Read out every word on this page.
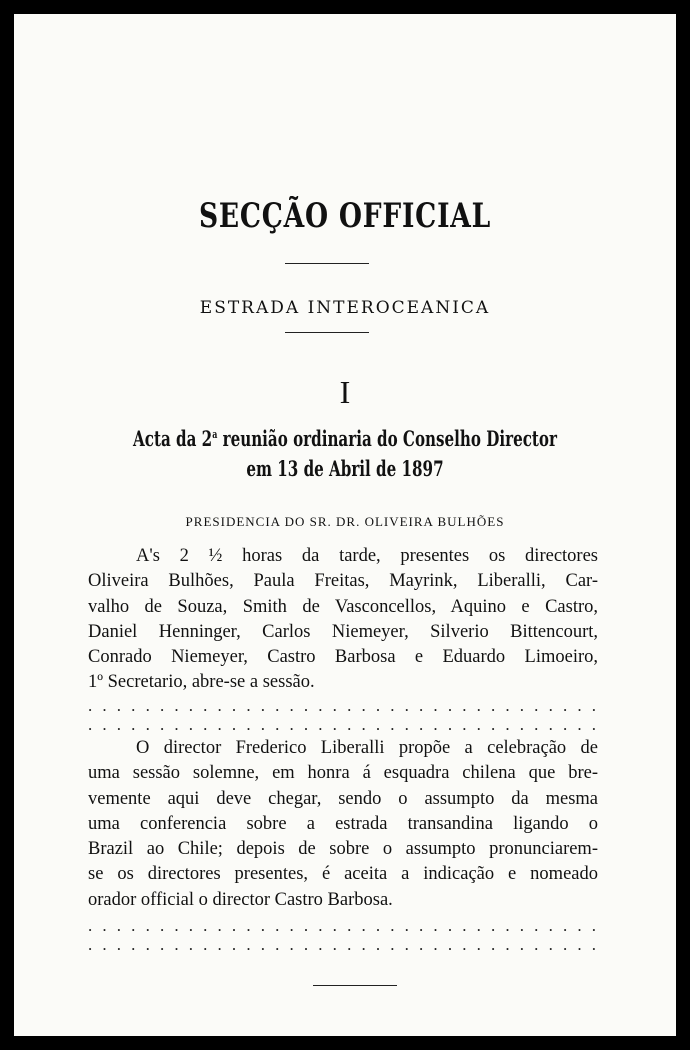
SECÇÃO OFFICIAL
ESTRADA INTEROCEANICA
I
Acta da 2$^a$ reunião ordinaria do Conselho Director
em 13 de Abril de 1897
PRESIDENCIA DO SR. DR. OLIVEIRA BULHÕES
A's 2 ½ horas da tarde, presentes os directores
Oliveira Bulhões, Paula Freitas, Mayrink, Liberalli, Car-
valho de Souza, Smith de Vasconcellos, Aquino e Castro,
Daniel Henninger, Carlos Niemeyer, Silverio Bittencourt,
Conrado Niemeyer, Castro Barbosa e Eduardo Limoeiro,
1º Secretario, abre-se a sessão.
. . . . . . . . . . . . . . . . . . . . . . . . . . . . . . . . . . . .
. . . . . . . . . . . . . . . . . . . . . . . . . . . . . . . . . . . .
O director Frederico Liberalli propõe a celebração de
uma sessão solemne, em honra á esquadra chilena que bre-
vemente aqui deve chegar, sendo o assumpto da mesma
uma conferencia sobre a estrada transandina ligando o
Brazil ao Chile; depois de sobre o assumpto pronunciarem-
se os directores presentes, é aceita a indicação e nomeado
orador official o director Castro Barbosa.
. . . . . . . . . . . . . . . . . . . . . . . . . . . . . . . . . . . .
. . . . . . . . . . . . . . . . . . . . . . . . . . . . . . . . . . . .
